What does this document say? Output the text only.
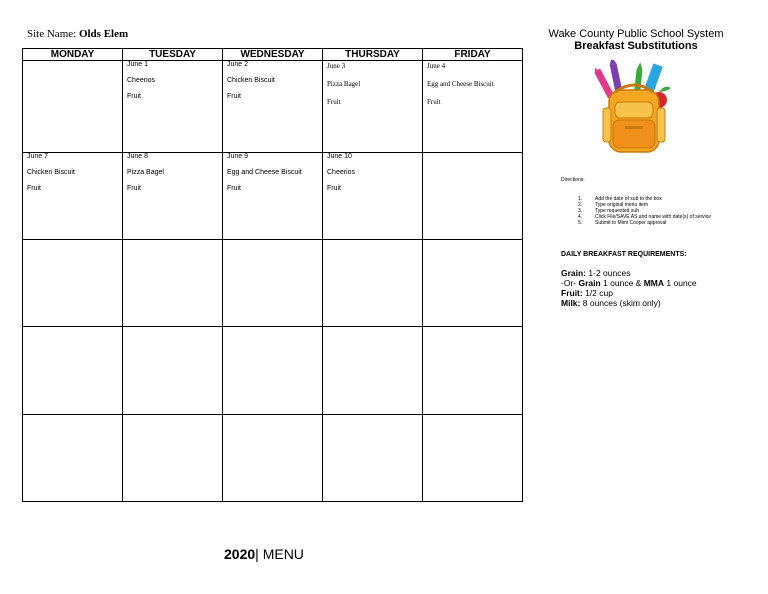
Site Name: Olds Elem
MONDAY	TUESDAY	WEDNESDAY	THURSDAY	FRIDAY

	June 1
Cheerios
Fruit	June 2
Chicken Biscuit
Fruit	June 3
Pizza Bagel
Fruit	June 4
Egg and Cheese Biscuit
Fruit

June 7
Chicken Biscuit
Fruit	June 8
Pizza Bagel
Fruit	June 9
Egg and Cheese Biscuit
Fruit	June 10
Cheerios
Fruit	

Wake County Public School System
Breakfast Substitutions
Directions:
1.	Add the date of sub to the box
2.	Type original menu item
3.	Type requested sub
4.	Click File/SAVE AS and name with date(s) of service
5.	Submit to Mimi Cooper approval
DAILY BREAKFAST REQUIREMENTS:
Grain: 1-2 ounces
-Or- Grain 1 ounce & MMA 1 ounce
Fruit: 1/2 cup
Milk: 8 ounces (skim only)
2020| MENU
